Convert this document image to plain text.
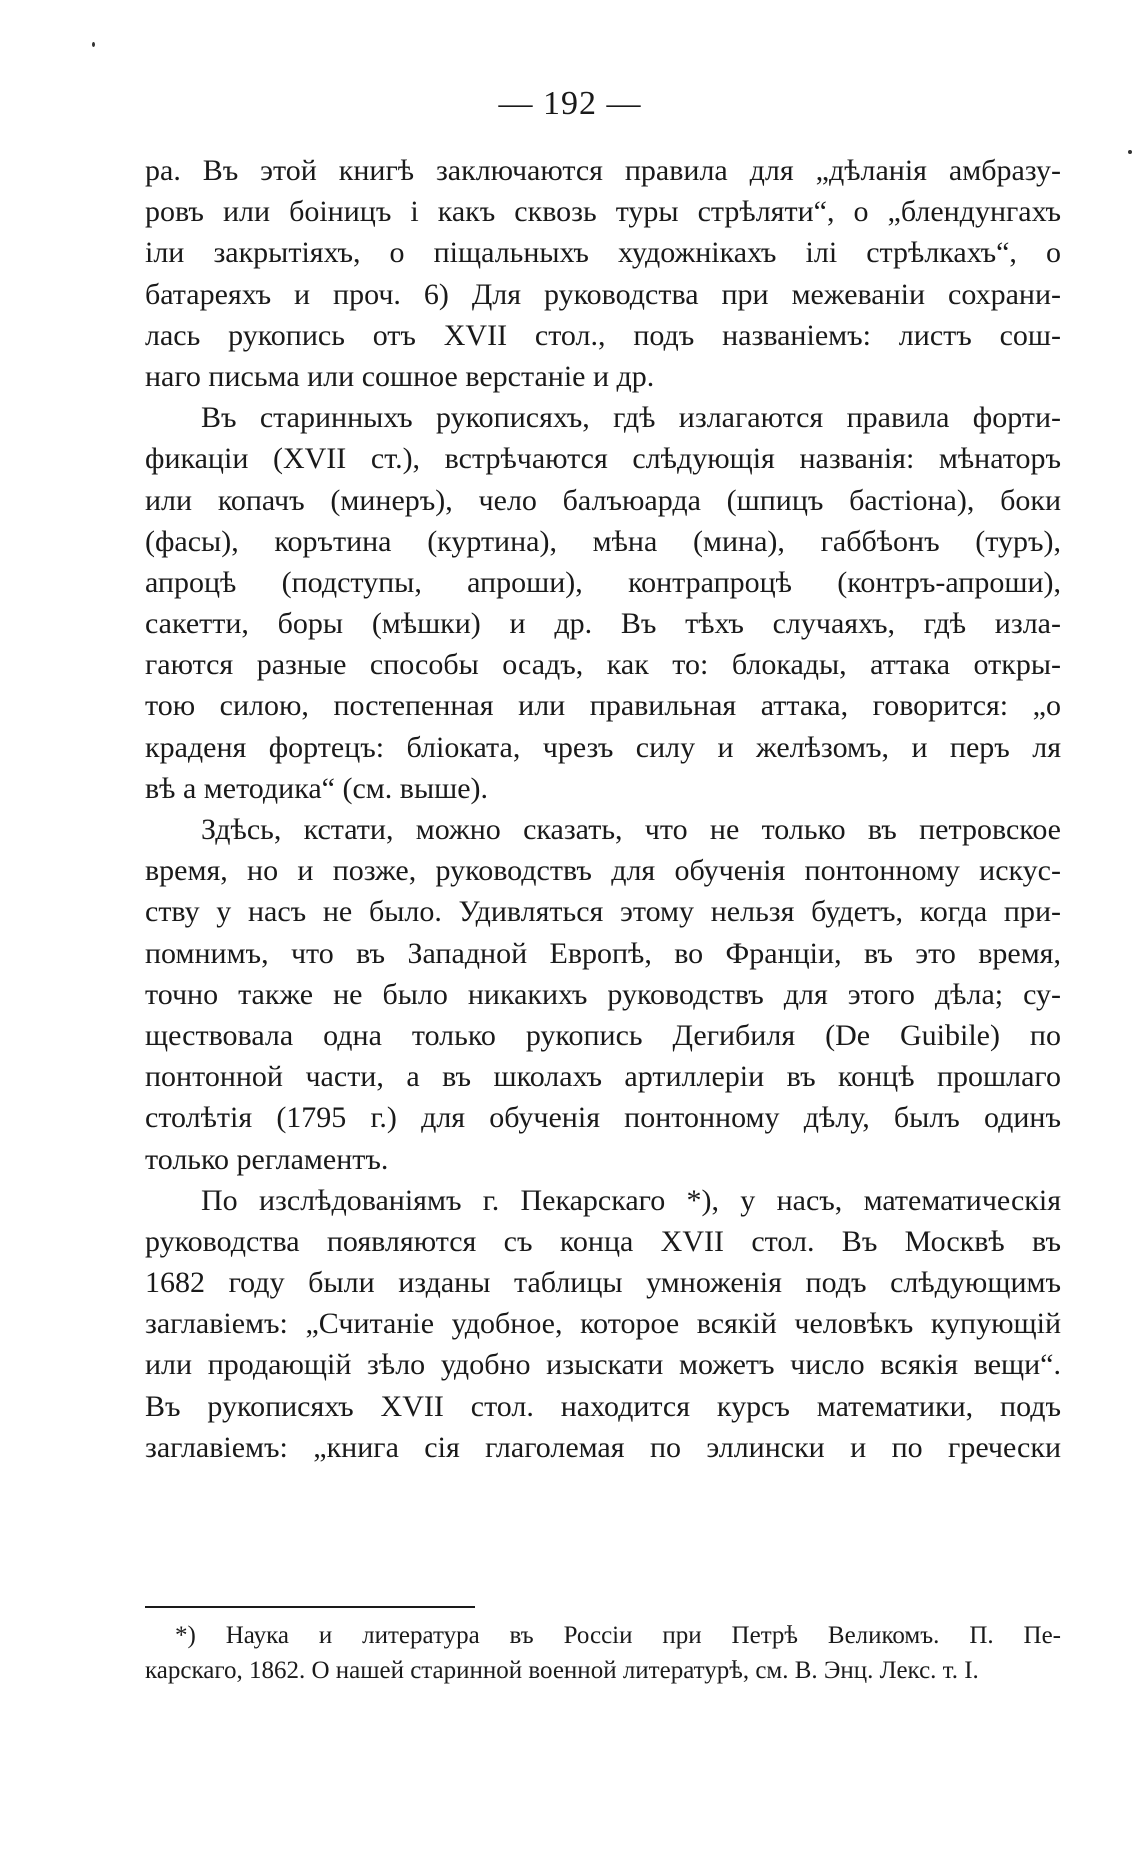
— 192 —
ра. Въ этой книгѣ заключаются правила для „дѣланія амбразу-
ровъ или боiницъ i какъ сквозь туры стрѣляти“, о „блендунгахъ
iли закрытiяхъ, о пiщальныхъ художнiкахъ iлi стрѣлкахъ“, о
батареяхъ и проч. 6) Для руководства при межеванiи сохрани-
лась рукопись отъ XVII стол., подъ названiемъ: листъ сош-
наго письма или сошное верстанiе и др.
Въ старинныхъ рукописяхъ, гдѣ излагаются правила форти-
фикацiи (XVII ст.), встрѣчаются слѣдующiя названiя: мѣнаторъ
или копачъ (минеръ), чело балъюарда (шпицъ бастiона), боки
(фасы), корътина (куртина), мѣна (мина), габбѣонъ (туръ),
апроцѣ (подступы, апроши), контрапроцѣ (контръ-апроши),
сакетти, боры (мѣшки) и др. Въ тѣхъ случаяхъ, гдѣ изла-
гаются разные способы осадъ, как то: блокады, аттака откры-
тою силою, постепенная или правильная аттака, говорится: „о
краденя фортецъ: блiоката, чрезъ силу и желѣзомъ, и перъ ля
вѣ а методика“ (см. выше).
Здѣсь, кстати, можно сказать, что не только въ петровское
время, но и позже, руководствъ для обученiя понтонному искус-
ству у насъ не было. Удивляться этому нельзя будетъ, когда при-
помнимъ, что въ Западной Европѣ, во Францiи, въ это время,
точно также не было никакихъ руководствъ для этого дѣла; су-
ществовала одна только рукопись Дегибиля (De Guibile) по
понтонной части, а въ школахъ артиллерiи въ концѣ прошлаго
столѣтiя (1795 г.) для обученiя понтонному дѣлу, былъ одинъ
только регламентъ.
По изслѣдованiямъ г. Пекарскаго *), у насъ, математическiя
руководства появляются съ конца XVII стол. Въ Москвѣ въ
1682 году были изданы таблицы умноженiя подъ слѣдующимъ
заглавiемъ: „Считанiе удобное, которое всякiй человѣкъ купующiй
или продающiй зѣло удобно изыскати можетъ число всякiя вещи“.
Въ рукописяхъ XVII стол. находится курсъ математики, подъ
заглавiемъ: „книга сiя глаголемая по эллински и по гречески
*) Наука и литература въ Россiи при Петрѣ Великомъ. П. Пе-
карскаго, 1862. О нашей старинной военной литературѣ, см. В. Энц. Лекс. т. I.
